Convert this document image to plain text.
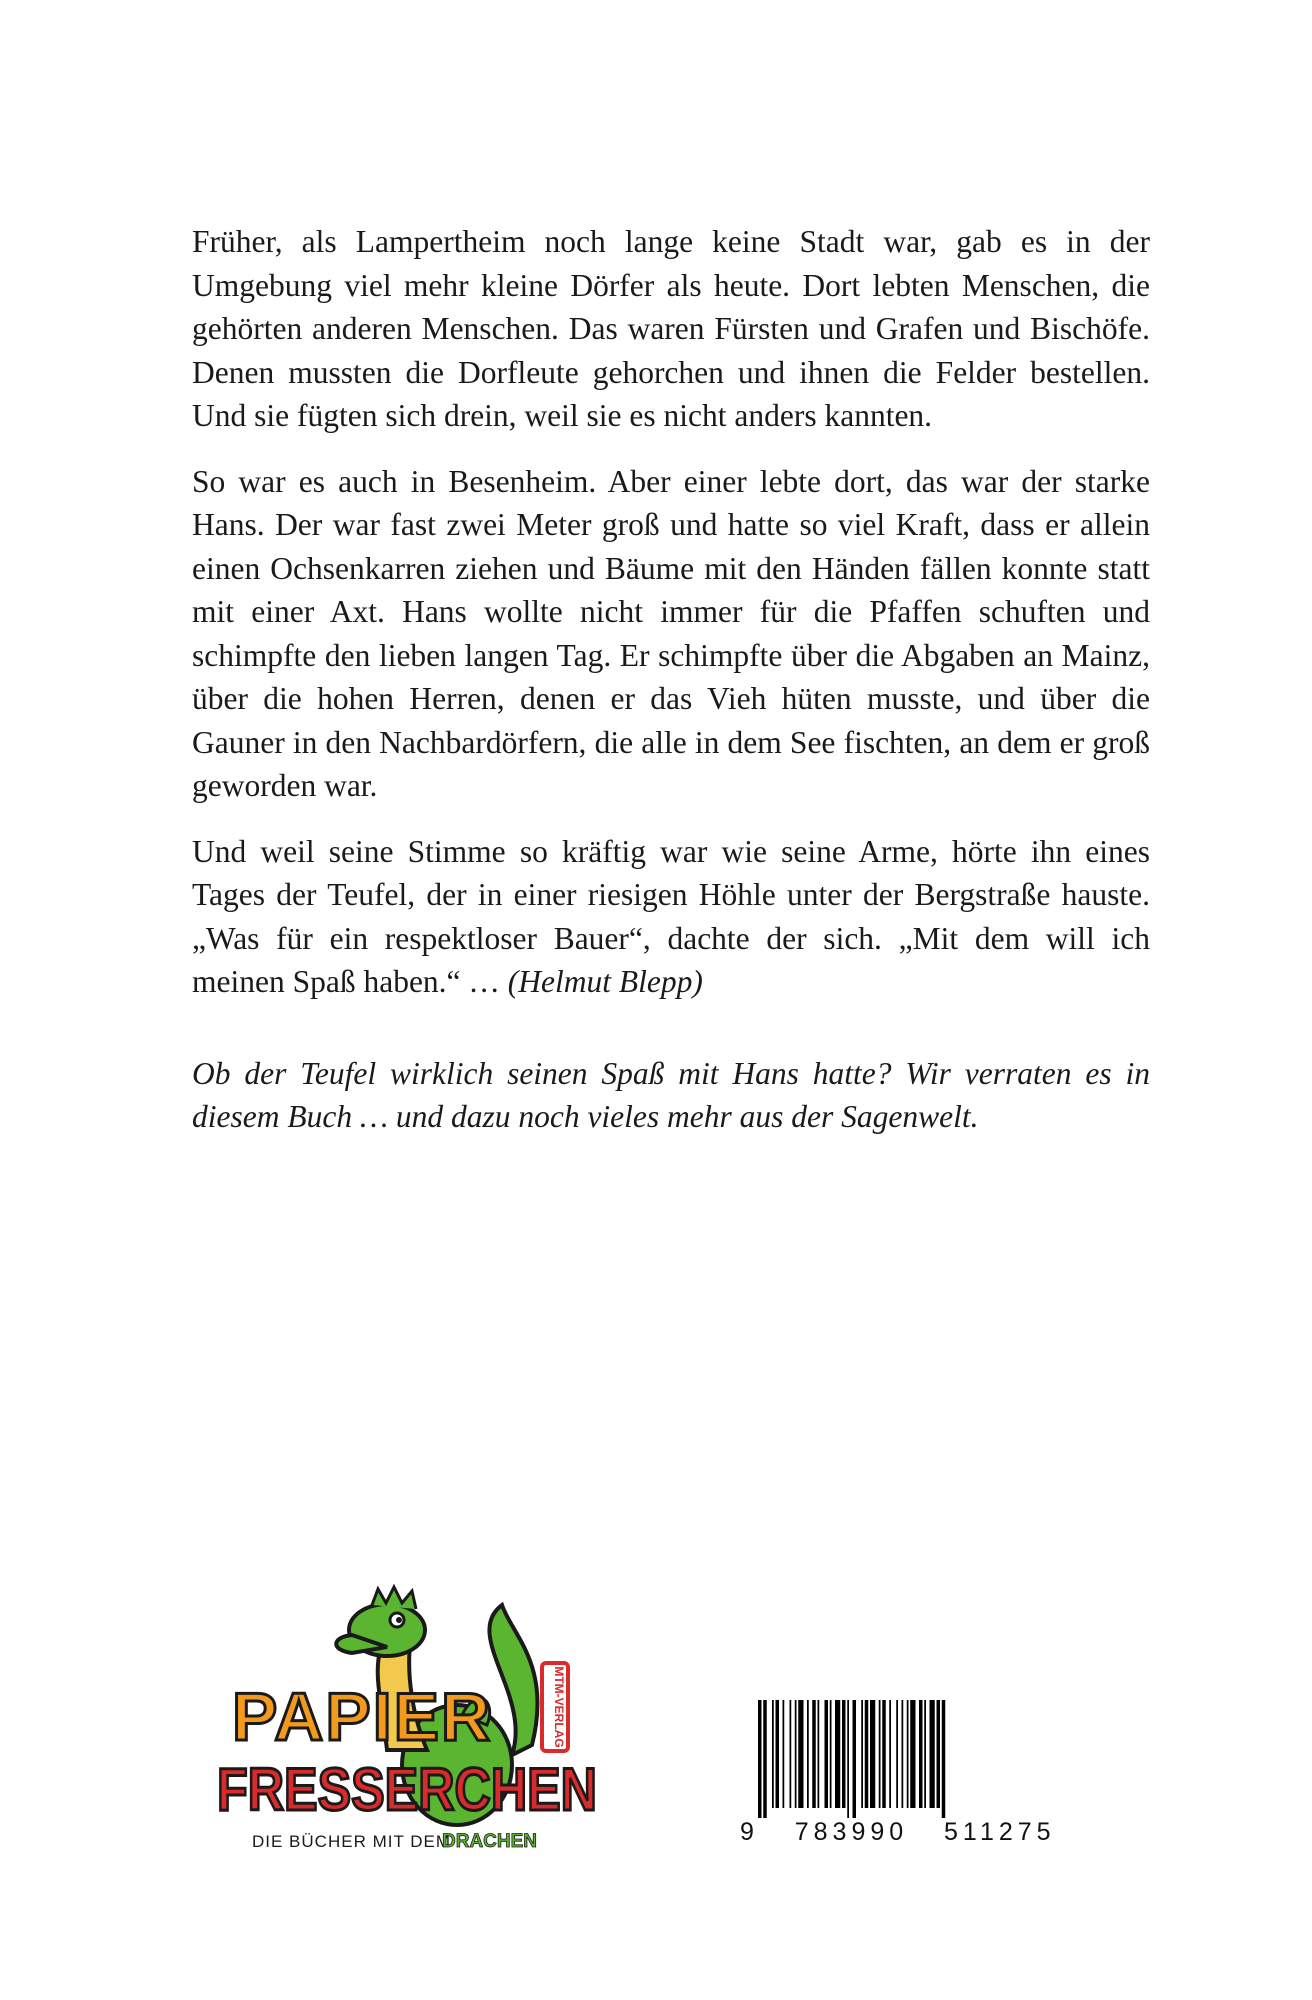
Früher, als Lampertheim noch lange keine Stadt war, gab es in der Umgebung viel mehr kleine Dörfer als heute. Dort lebten Menschen, die gehörten anderen Menschen. Das waren Fürsten und Grafen und Bischöfe. Denen mussten die Dorfleute gehorchen und ihnen die Felder bestellen. Und sie fügten sich drein, weil sie es nicht anders kannten.

So war es auch in Besenheim. Aber einer lebte dort, das war der starke Hans. Der war fast zwei Meter groß und hatte so viel Kraft, dass er allein einen Ochsenkarren ziehen und Bäume mit den Händen fällen konnte statt mit einer Axt. Hans wollte nicht immer für die Pfaffen schuften und schimpfte den lieben langen Tag. Er schimpfte über die Abgaben an Mainz, über die hohen Herren, denen er das Vieh hüten musste, und über die Gauner in den Nachbardörfern, die alle in dem See fischten, an dem er groß geworden war.

Und weil seine Stimme so kräftig war wie seine Arme, hörte ihn eines Tages der Teufel, der in einer riesigen Höhle unter der Bergstraße hauste. „Was für ein respektloser Bauer“, dachte der sich. „Mit dem will ich meinen Spaß haben.“ … (Helmut Blepp)

Ob der Teufel wirklich seinen Spaß mit Hans hatte? Wir verraten es in diesem Buch … und dazu noch vieles mehr aus der Sagenwelt.

MTM-VERLAG
PAPIER
FRESSERCHEN
DIE BÜCHER MIT DEM
DRACHEN	9   783990   511275
